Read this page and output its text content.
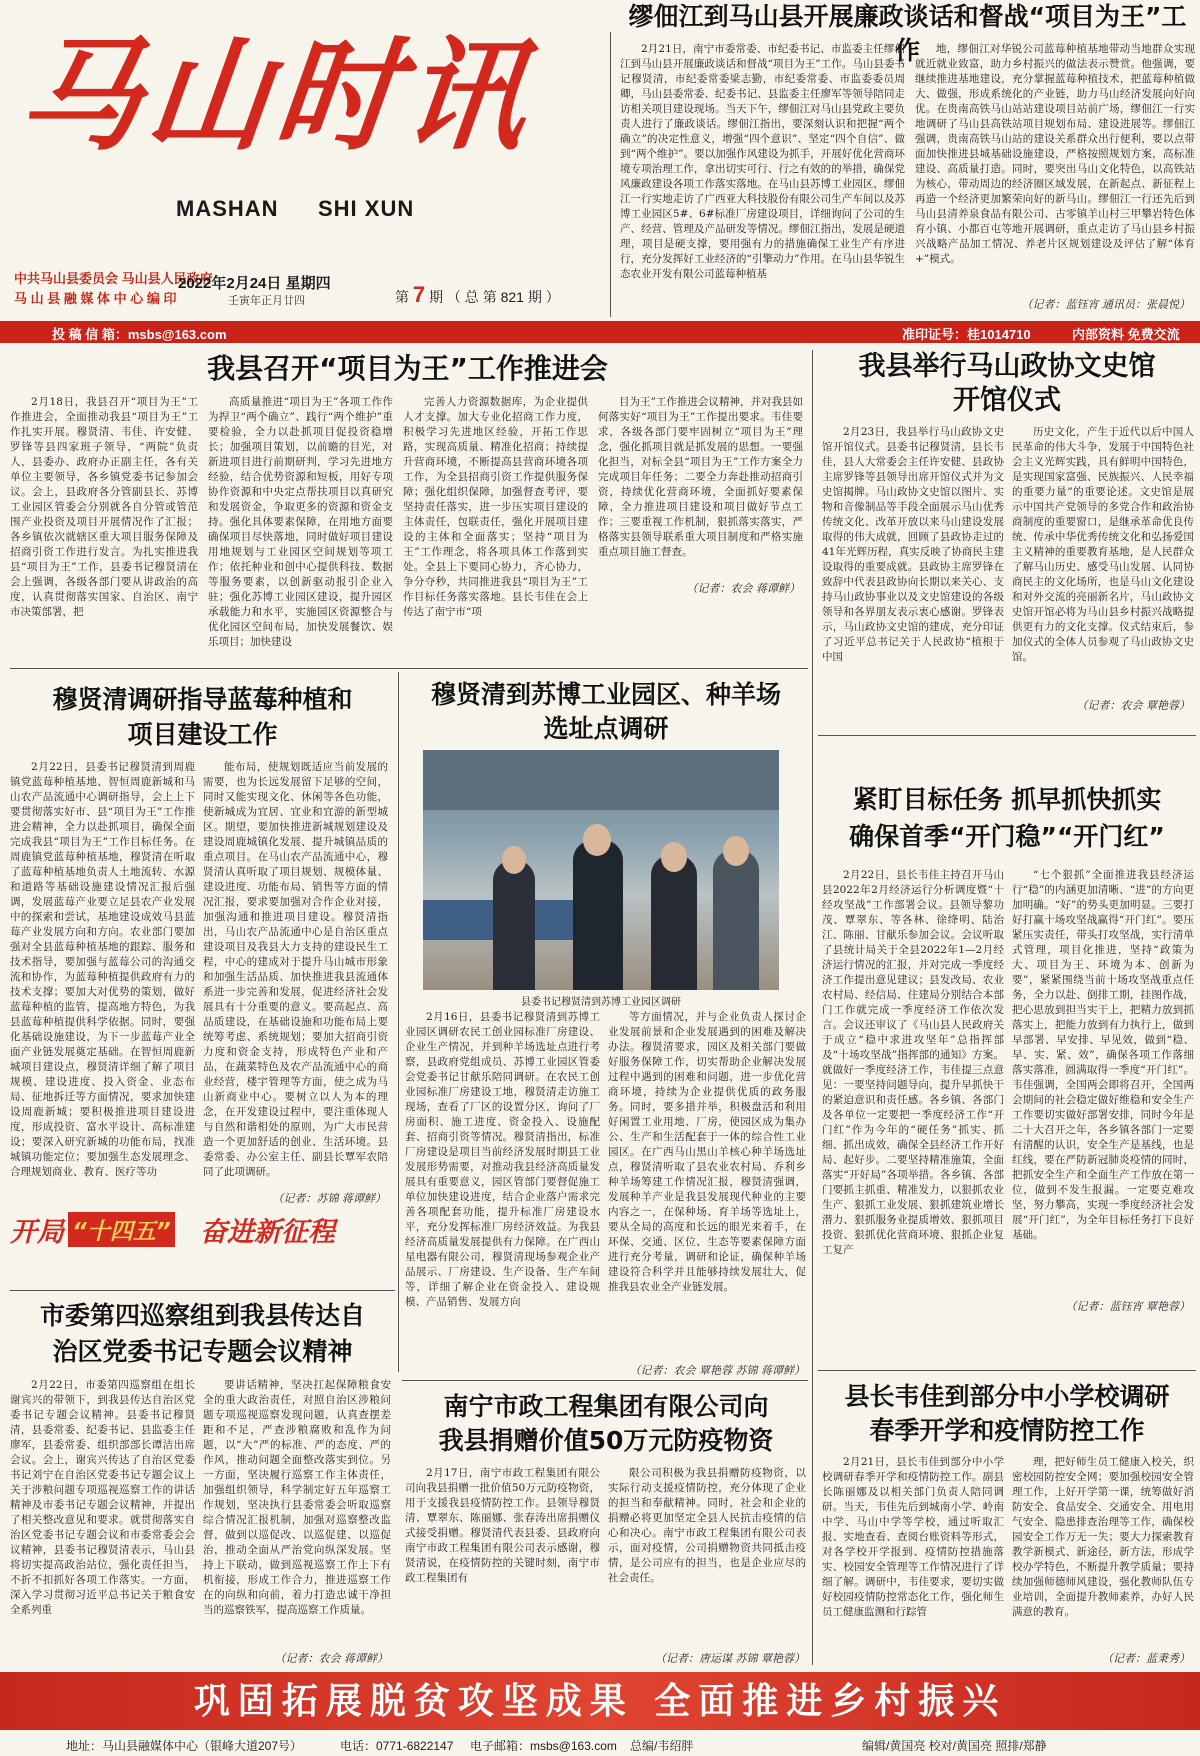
马山时讯
MASHAN SHI XUN
中共马山县委员会 马山县人民政府
马 山 县 融 媒 体 中 心 编 印
2022年2月24日 星期四
壬寅年正月廿四	第 7 期 （ 总 第 821 期 ）
缪佃江到马山县开展廉政谈话和督战“项目为王”工作
2月21日，南宁市委常委、市纪委书记、市监委主任缪佃江到马山县开展廉政谈话和督战“项目为王”工作。马山县委书记穆贤清，市纪委常委梁志勤，市纪委常委、市监委委员周卿，马山县委常委、纪委书记、县监委主任廖军等领导陪同走访相关项目建设现场。当天下午，缪佃江对马山县党政主要负责人进行了廉政谈话。缪佃江指出，要深刻认识和把握“两个确立”的决定性意义，增强“四个意识”、坚定“四个自信”、做到“两个维护”。要以加强作风建设为抓手，开展好优化营商环境专项治理工作，拿出切实可行、行之有效的的举措，确保党风廉政建设各项工作落实落地。在马山县苏博工业园区，缪佃江一行实地走访了广西亚大科技股份有限公司生产车间以及苏博工业园区5#、6#标准厂房建设项目，详细询问了公司的生产、经营、管理及产品研发等情况。缪佃江指出，发展是硬道理，项目是硬支撑，要用强有力的措施确保工业生产有序进行，充分发挥好工业经济的“引擎动力”作用。在马山县华锐生态农业开发有限公司蓝莓种植基
地，缪佃江对华锐公司蓝莓种植基地带动当地群众实现就近就业致富，助力乡村振兴的做法表示赞赏。他强调，要继续推进基地建设，充分掌握蓝莓种植技术，把蓝莓种植做大、做强，形成系统化的产业链，助力马山经济发展向好向优。在贵南高铁马山站站建设项目站前广场，缪佃江一行实地调研了马山县高铁站项目规划布局、建设进展等。缪佃江强调，贵南高铁马山站的建设关系群众出行便利，要以点带面加快推进县城基础设施建设，严格按照规划方案，高标准建设、高质量打造。同时，要突出马山文化特色，以高铁站为核心，带动周边的经济圈区域发展，在新起点、新征程上再造一个经济更加繁荣向好的新马山。缪佃江一行还先后到马山县清养泉食品有限公司、古零镇羊山村三甲攀岩特色体育小镇、小都百屯等地开展调研，重点走访了马山县乡村振兴战略产品加工情况、养老片区规划建设及评估了解“体育+”模式。
（记者：蓝钰宵 通讯员：张晨悦）
投 稿 信 箱：msbs@163.com	准印证号：桂1014710	内部资料 免费交流
我县召开“项目为王”工作推进会
2月18日，我县召开“项目为王”工作推进会，全面推动我县“项目为王”工作扎实开展。穆贤清、韦佳、许安健、罗锋等县四家班子领导，“两院”负责人，县委办、政府办正副主任，各有关单位主要领导，各乡镇党委书记参加会议。会上，县政府各分管副县长、苏博工业园区管委会分别就各自分管或管范围产业投资及项目开展情况作了汇报；各乡镇依次就辖区重大项目服务保障及招商引资工作进行发言。为扎实推进我县“项目为王”工作，县委书记穆贤清在会上强调，各级各部门要从讲政治的高度，认真贯彻落实国家、自治区、南宁市决策部署，把
高质量推进“项目为王”各项工作作为捍卫“两个确立”、践行“两个维护”重要检验，全力以赴抓项目促投资稳增长；加强项目策划，以前瞻的目光，对新进项目进行前期研判，学习先进地方经验，结合优势资源和短板，用好专项协作资源和中央定点帮扶项目以真研究和发展资金，争取更多的资源和资金支持。强化具体要素保障，在用地方面要确保项目尽快落地，同时做好项目建设用地规划与工业园区空间规划等项工作；依托种业和创中心提供科技、数据等服务要素，以创新驱动报引企业入驻；强化苏博工业园区建设，提升园区承载能力和水平，实施园区资源整合与优化园区空间布局，加快发展餐饮、娱乐项目；加快建设
完善人力资源数据库，为企业提供人才支撑。加大专业化招商工作力度，积极学习先进地区经验，开拓工作思路，实现高质量、精准化招商；持续提升营商环境，不断提高县营商环境各项工作，为全县招商引资工作提供服务保障；强化组织保障，加强督查考评，要坚持责任落实，进一步压实项目建设的主体责任，包联责任，强化开展项目建设的主体和全面落实；坚持“项目为王”工作理念，将各项具体工作落到实处。全县上下要同心协力，齐心协力，争分夺秒，共同推进我县“项目为王”工作目标任务落实落地。县长韦佳在会上传达了南宁市“项
目为王”工作推进会议精神，并对我县如何落实好“项目为王”工作提出要求。韦佳要求，各级各部门要牢固树立“项目为王”理念，强化抓项目就是抓发展的思想。一要强化担当，对标全县“项目为王”工作方案全力完成项目年任务；二要全力奔赴推动招商引资，持续优化营商环境，全面抓好要素保障，全力推进项目建设和项目做好节点工作；三要重视工作机制，狠抓落实落实，严格落实县领导联系重大项目制度和严格实施重点项目施工督查。
（记者：农会 蒋谭鲜）
我县举行马山政协文史馆
开馆仪式
2月23日，我县举行马山政协文史馆开馆仪式。县委书记穆贤清，县长韦佳，县人大常委会主任许安健、县政协主席罗锋等县领导出席开馆仪式并为文史馆揭牌。马山政协文史馆以图片、实物和音像制品等手段全面展示马山优秀传统文化、改革开放以来马山建设发展取得的伟大成就，回顾了县政协走过的41年光辉历程，真实反映了协商民主建设取得的重要成就。县政协主席罗锋在致辞中代表县政协向长期以来关心、支持马山政协事业以及文史馆建设的各级领导和各界朋友表示衷心感谢。罗锋表示，马山政协文史馆的建成，充分印证了习近平总书记关于人民政协“植根于中国
历史文化，产生于近代以后中国人民革命的伟大斗争，发展于中国特色社会主义光辉实践，具有鲜明中国特色，是实现国家富强、民族振兴、人民幸福的重要力量”的重要论述。文史馆是展示中国共产党领导的多党合作和政治协商制度的重要窗口，是继承革命优良传统、传承中华优秀传统文化和弘扬爱国主义精神的重要教育基地，是人民群众了解马山历史、感受马山发展、认同协商民主的文化场所，也是马山文化建设和对外交流的亮丽新名片，马山政协文史馆开馆必将为马山县乡村振兴战略提供更有力的文化支撑。仪式结束后，参加仪式的全体人员参观了马山政协文史馆。
（记者：农会 覃艳蓉）
穆贤清调研指导蓝莓种植和
项目建设工作
2月22日，县委书记穆贤清到周鹿镇党蓝莓种植基地、智恒周鹿新城和马山农产品流通中心调研指导，会上上下要贯彻落实好市、县“项目为王”工作推进会精神，全力以赴抓项目，确保全面完成我县“项目为王”工作目标任务。在周鹿镇党蓝莓种植基地，穆贤清在听取了蓝莓种植基地负责人土地流转、水源和道路等基础设施建设情况汇报后强调，发展蓝莓产业要立足县农产业发展中的探索和尝试，基地建设成效马县蓝莓产业发展方向和方向。农业部门要加强对全县蓝莓种植基地的跟踪、服务和技术指导，要加强与蓝莓公司的沟通交流和协作，为蓝莓种植提供政府有力的技术支撑；要加大对优势的策划，做好蓝莓种植的监管，提高地方特色，为我县蓝莓种植提供科学依据。同时，要强化基础设施建设，为下一步蓝莓产业全面产业链发展奠定基础。在智恒周鹿新城项目建设点，穆贤清详细了解了项目规模、建设进度、投入资金、业态布局、征地拆迁等方面情况，要求加快建设周鹿新城；要积极推进项目建设进度，形成投资、富水平设计、高标准建设；要深入研究新城的功能布局，找准城镇功能定位；要加强生态发展理念、合理规划商业、教育、医疗等功
能布局，使规划既适应当前发展的需要，也为长远发展留下足够的空间，同时又能实现文化、休闲等各色功能，使新城成为宜居、宜业和宜游的新型城区。期望，要加快推进新城规划建设及建设周鹿城镇化发展、提升城镇品质的重点项目。在马山农产品流通中心，穆贤清认真听取了项目规划、规模体量、建设进度、功能布局、销售等方面的情况汇报，要求要加强对合作企业对接，加强沟通和推进项目建设。穆贤清指出，马山农产品流通中心是自治区重点建设项目及我县大力支持的建设民生工程，中心的建成对于提升马山城市形象和加强生活品质、加快推进我县流通体系进一步完善和发展，促进经济社会发展具有十分重要的意义。要高起点、高品质建设，在基础设施和功能布局上要统筹考虑、系统规划；要加大招商引资力度和资金支持，形成特色产业和产品，在蔬菜特色及农产品流通中心的商业经营，楼宇管理等方面，使之成为马山新商业中心。要树立以人为本的理念，在开发建设过程中，要注重体现人与自然和谐相处的原则，为广大市民营造一个更加舒适的创业、生活环境。县委常委、办公室主任、副县长覃军农陪同了此项调研。
（记者：苏锦 蒋谭鲜）
开局 “十四五” 奋进新征程
穆贤清到苏博工业园区、种羊场
选址点调研
县委书记穆贤清到苏博工业园区调研
2月16日，县委书记穆贤清到苏博工业园区调研农民工创业园标准厂房建设、企业生产情况，并到种羊场选址点进行考察，县政府党组成员、苏博工业园区管委会党委书记甘献乐陪同调研。在农民工创业园标准厂房建设工地，穆贤清走访施工现场，查看了厂区的设置分区，询问了厂房面积、施工进度、资金投入、设施配套、招商引资等情况。穆贤清指出，标准厂房建设是项目当前经济发展时期县工业发展形势需要，对推动我县经济高质量发展具有重要意义，园区管部门要督促施工单位加快建设进度，结合企业落户需求完善各项配套功能，提升标准厂房建设水平，充分发挥标准厂房经济效益。为我县经济高质量发展提供有力保障。在广西山星电器有限公司，穆贤清现场参观企业产品展示、厂房建设、生产设备、生产车间等，详细了解企业在资金投入、建设规模、产品销售、发展方向
等方面情况，并与企业负责人探讨企业发展前景和企业发展遇到的困难及解决办法。穆贤清要求，园区及相关部门要做好服务保障工作，切实帮助企业解决发展过程中遇到的困难和问题，进一步优化营商环境，持续为企业提供优质的政务服务。同时，要多措并举，积极盘活和利用好闲置工业用地、厂房，使园区成为集办公、生产和生活配套于一体的综合性工业园区。在广西马山黑山羊核心种羊场选址点，穆贤清听取了县农业农村局、乔利乡种羊场筹建工作情况汇报，穆贤清强调，发展种羊产业是我县发展现代种业的主要内容之一，在保种场、育羊场等选址上，要从全局的高度和长远的眼光来着手，在环保、交通、区位、生态等要素保障方面进行充分考量，调研和论证，确保种羊场建设符合科学并且能够持续发展壮大，促推我县农业全产业链发展。
（记者：农会 覃艳蓉 苏锦 蒋谭鲜）
紧盯目标任务 抓早抓快抓实
确保首季“开门稳”“开门红”
2月22日，县长韦佳主持召开马山县2022年2月经济运行分析调度暨“十经攻坚战”工作部署会议。县领导黎功茂、覃翠东、等各林、徐绛明、陆治江、陈丽、甘献乐参加会议。会议听取了县统计局关于全县2022年1—2月经济运行情况的汇报，并对完成一季度经济工作提出意见建议；县发改局、农业农村局、经信局、住建局分别结合本部门工作就完成一季度经济工作依次发言。会议还审议了《马山县人民政府关于成立“稳中求进攻坚年”总指挥部及“十场攻坚战”指挥部的通知》方案。就做好一季度经济工作，韦佳提三点意见：一要坚持问题导向，提升早抓快干的紧迫意识和责任感。各乡镇、各部门及各单位一定要把一季度经济工作“开门红”作为今年的“硬任务”抓实、抓细、抓出成效，确保全县经济工作开好局、起好步。二要坚持精准施策，全面落实“开好局”各项举措。各乡镇、各部门要抓主抓重、精准发力，以狠抓农业生产、狠抓工业发展、狠抓建筑业增长潜力、狠抓服务业提质增效、狠抓项目投资、狠抓优化营商环境、狠抓企业复工复产
“七个狠抓”全面推进我县经济运行“稳”的内涵更加清晰、“进”的方向更加明确。“好”的势头更加明显。三要打好打赢十场攻坚战赢得“开门红”。要压紧压实责任，带头打攻坚战，实行清单式管理，项目化推进，坚持“政策为大、项目为王、环境为本、创新为要”，紧紧围绕当前十场攻坚战重点任务，全力以赴、倒排工期，挂图作战，把心思放到担当实干上，把精力放到抓落实上，把能力放到有力执行上，做到早部署、早安排、早见效，做到“稳、早、实、紧、效”，确保各项工作落细落实落准，圆满取得一季度“开门红”。韦佳强调，全国两会即将召开，全国两会期间的社会稳定做好维稳和安全生产工作要切实做好部署安排，同时今年是二十大召开之年，各乡镇各部门一定要有清醒的认识，安全生产是基线，也是红线，要在严防新冠肺炎疫情的同时，把抓安全生产和全面生产工作放在第一位，做到不发生报漏。一定要克难攻坚，努力攀高，实现一季度经济社会发展“开门红”，为全年目标任务打下良好基础。
（记者：蓝钰宵 覃艳蓉）
市委第四巡察组到我县传达自
治区党委书记专题会议精神
2月22日，市委第四巡察组在组长谢宾兴的带领下，到我县传达自治区党委书记专题会议精神。县委书记穆贤清，县委常委、纪委书记、县监委主任廖军，县委常委、组织部部长谭洁出席会议。会上，谢宾兴传达了自治区党委书记刘宁在自治区党委书记专题会议上关于涉粮问题专项巡视巡察工作的讲话精神及市委书记专题会议精神，并提出了相关整改意见和要求。就贯彻落实自治区党委书记专题会议和市委常委会会议精神，县委书记穆贤清表示，马山县将切实提高政治站位，强化责任担当，不折不扣抓好各项工作落实。一方面，深入学习贯彻习近平总书记关于粮食安全系列重
要讲话精神，坚决扛起保障粮食安全的重大政治责任，对照自治区涉粮问题专项巡视巡察发现问题，认真查摆差距和不足，严查涉粮腐败和乱作为问题，以“大”严的标准、严的态度、严的作风，推动问题全面整改落实到位。另一方面，坚决履行巡察工作主体责任，加强组织领导，科学制定好五年巡察工作规划，坚决执行县委常委会听取巡察综合情况汇报机制，加强对巡察整改监督，做到以巡促改、以巡促建、以巡促治，推动全面从严治党向纵深发展。坚持上下联动，做到巡视巡察工作上下有机衔接，形成工作合力，推进巡察工作在的向纵和向前，着力打造忠诚干净担当的巡察铁军，提高巡察工作质量。
（记者：农会 蒋谭鲜）
南宁市政工程集团有限公司向
我县捐赠价值50万元防疫物资
2月17日，南宁市政工程集团有限公司向我县捐赠一批价值50万元防疫物资，用于支援我县疫情防控工作。县领导穆贤清、覃翠东、陈丽娜、张春涛出席捐赠仪式接受捐赠。穆贤清代表县委、县政府向南宁市政工程集团有限公司表示感谢，穆贤清说，在疫情防控的关键时刻，南宁市政工程集团有
限公司积极为我县捐赠防疫物资，以实际行动支援疫情防控，充分体现了企业的担当和奉献精神。同时，社会和企业的捐赠必将更加坚定全县人民抗击疫情的信心和决心。南宁市政工程集团有限公司表示，面对疫情，公司捐赠物资共同抵击疫情，是公司应有的担当，也是企业应尽的社会责任。
（记者：唐运谋 苏锦 覃艳蓉）
县长韦佳到部分中小学校调研
春季开学和疫情防控工作
2月21日，县长韦佳到部分中小学校调研春季开学和疫情防控工作。副县长陈丽娜及以相关部门负责人陪同调研。当天，韦佳先后到城南小学、岭南中学、马山中学等学校，通过听取汇报、实地查看、查阅台账资料等形式，对各学校开学报到、疫情防控措施落实、校园安全管理等工作情况进行了详细了解。调研中，韦佳要求，要切实做好校园疫情防控常态化工作，强化师生员工健康监测和行踪管
理，把好师生员工健康入校关，织密校园防控安全网；要加强校园安全管理工作，上好开学第一课，统筹做好消防安全、食品安全、交通安全、用电用气安全、隐患排查治理等工作，确保校园安全工作万无一失；要大力探索教育教学新模式、新途径，新方法，形成学校办学特色，不断提升教学质量；要持续加强师德师风建设，强化教师队伍专业培训，全面提升教师素养，办好人民满意的教育。
（记者：蓝秉秀）
巩固拓展脱贫攻坚成果 全面推进乡村振兴
地址：马山县融媒体中心（银峰大道207号）	电话：0771-6822147 电子邮箱：msbs@163.com 总编/韦绍胖	编辑/黄国亮 校对/黄国亮 照排/郑静
